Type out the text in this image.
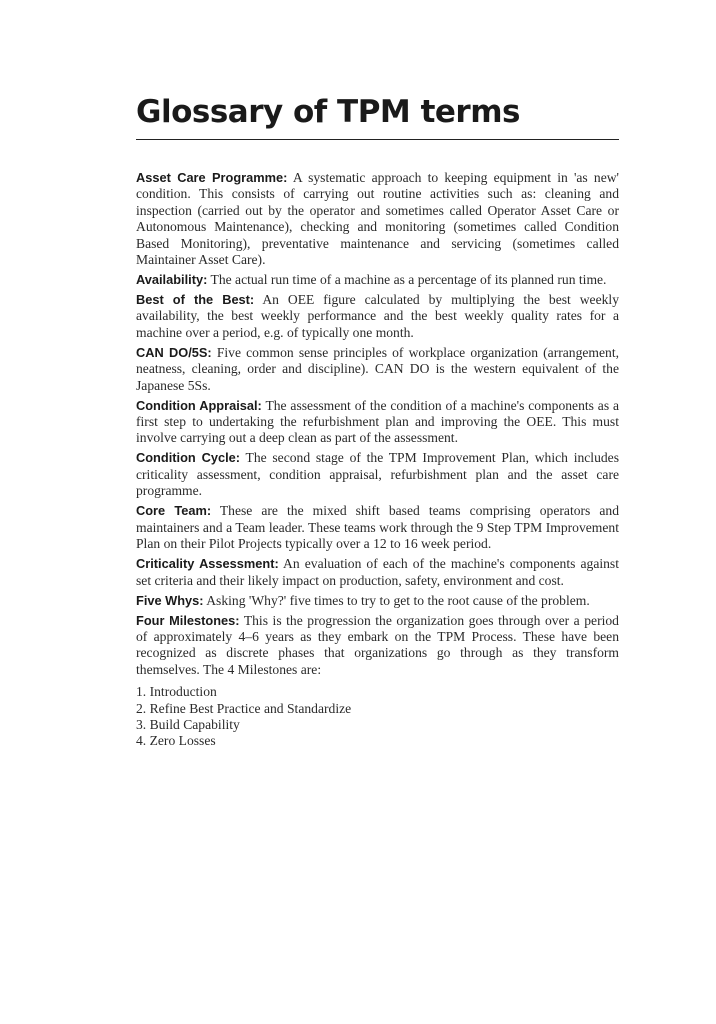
Glossary of TPM terms

Asset Care Programme: A systematic approach to keeping equipment in 'as new' condition. This consists of carrying out routine activities such as: cleaning and inspection (carried out by the operator and sometimes called Operator Asset Care or Autonomous Maintenance), checking and monitoring (sometimes called Condition Based Monitoring), preventative maintenance and servicing (sometimes called Maintainer Asset Care).

Availability: The actual run time of a machine as a percentage of its planned run time.

Best of the Best: An OEE figure calculated by multiplying the best weekly availability, the best weekly performance and the best weekly quality rates for a machine over a period, e.g. of typically one month.

CAN DO/5S: Five common sense principles of workplace organization (arrangement, neatness, cleaning, order and discipline). CAN DO is the western equivalent of the Japanese 5Ss.

Condition Appraisal: The assessment of the condition of a machine's components as a first step to undertaking the refurbishment plan and improving the OEE. This must involve carrying out a deep clean as part of the assessment.

Condition Cycle: The second stage of the TPM Improvement Plan, which includes criticality assessment, condition appraisal, refurbishment plan and the asset care programme.

Core Team: These are the mixed shift based teams comprising operators and maintainers and a Team leader. These teams work through the 9 Step TPM Improvement Plan on their Pilot Projects typically over a 12 to 16 week period.

Criticality Assessment: An evaluation of each of the machine's components against set criteria and their likely impact on production, safety, environment and cost.

Five Whys: Asking 'Why?' five times to try to get to the root cause of the problem.

Four Milestones: This is the progression the organization goes through over a period of approximately 4–6 years as they embark on the TPM Process. These have been recognized as discrete phases that organizations go through as they transform themselves. The 4 Milestones are:

1. Introduction
2. Refine Best Practice and Standardize
3. Build Capability
4. Zero Losses
